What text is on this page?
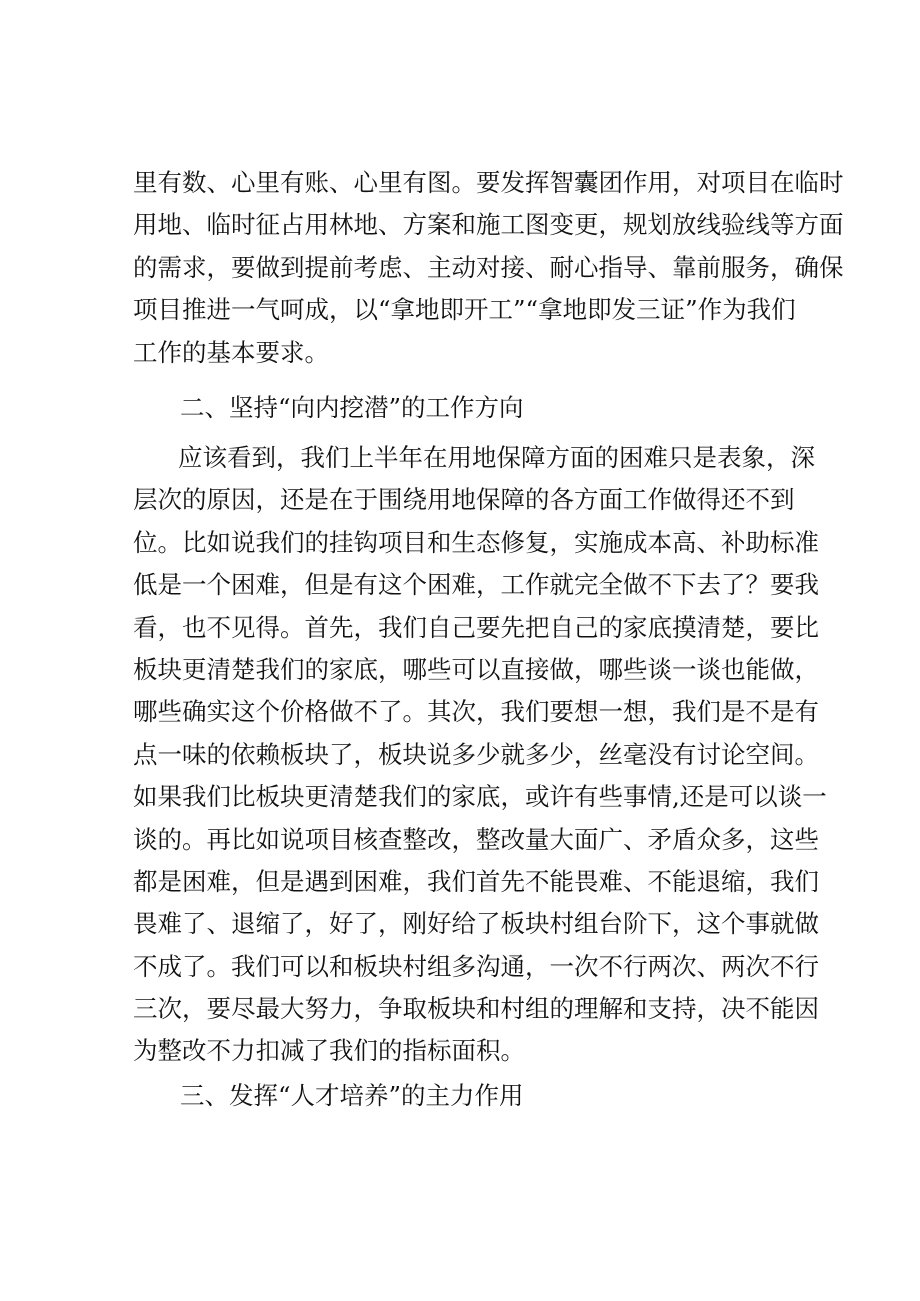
里有数、心里有账、心里有图。要发挥智囊团作用，对项目在临时
用地、临时征占用林地、方案和施工图变更，规划放线验线等方面
的需求，要做到提前考虑、主动对接、耐心指导、靠前服务，确保
项目推进一气呵成，以“拿地即开工”“拿地即发三证”作为我们
工作的基本要求。
二、坚持“向内挖潜”的工作方向
应该看到，我们上半年在用地保障方面的困难只是表象，深
层次的原因，还是在于围绕用地保障的各方面工作做得还不到
位。比如说我们的挂钩项目和生态修复，实施成本高、补助标准
低是一个困难，但是有这个困难，工作就完全做不下去了？要我
看，也不见得。首先，我们自己要先把自己的家底摸清楚，要比
板块更清楚我们的家底，哪些可以直接做，哪些谈一谈也能做，
哪些确实这个价格做不了。其次，我们要想一想，我们是不是有
点一味的依赖板块了，板块说多少就多少，丝毫没有讨论空间。
如果我们比板块更清楚我们的家底，或许有些事情,还是可以谈一
谈的。再比如说项目核查整改，整改量大面广、矛盾众多，这些
都是困难，但是遇到困难，我们首先不能畏难、不能退缩，我们
畏难了、退缩了，好了，刚好给了板块村组台阶下，这个事就做
不成了。我们可以和板块村组多沟通，一次不行两次、两次不行
三次，要尽最大努力，争取板块和村组的理解和支持，决不能因
为整改不力扣减了我们的指标面积。
三、发挥“人才培养”的主力作用
